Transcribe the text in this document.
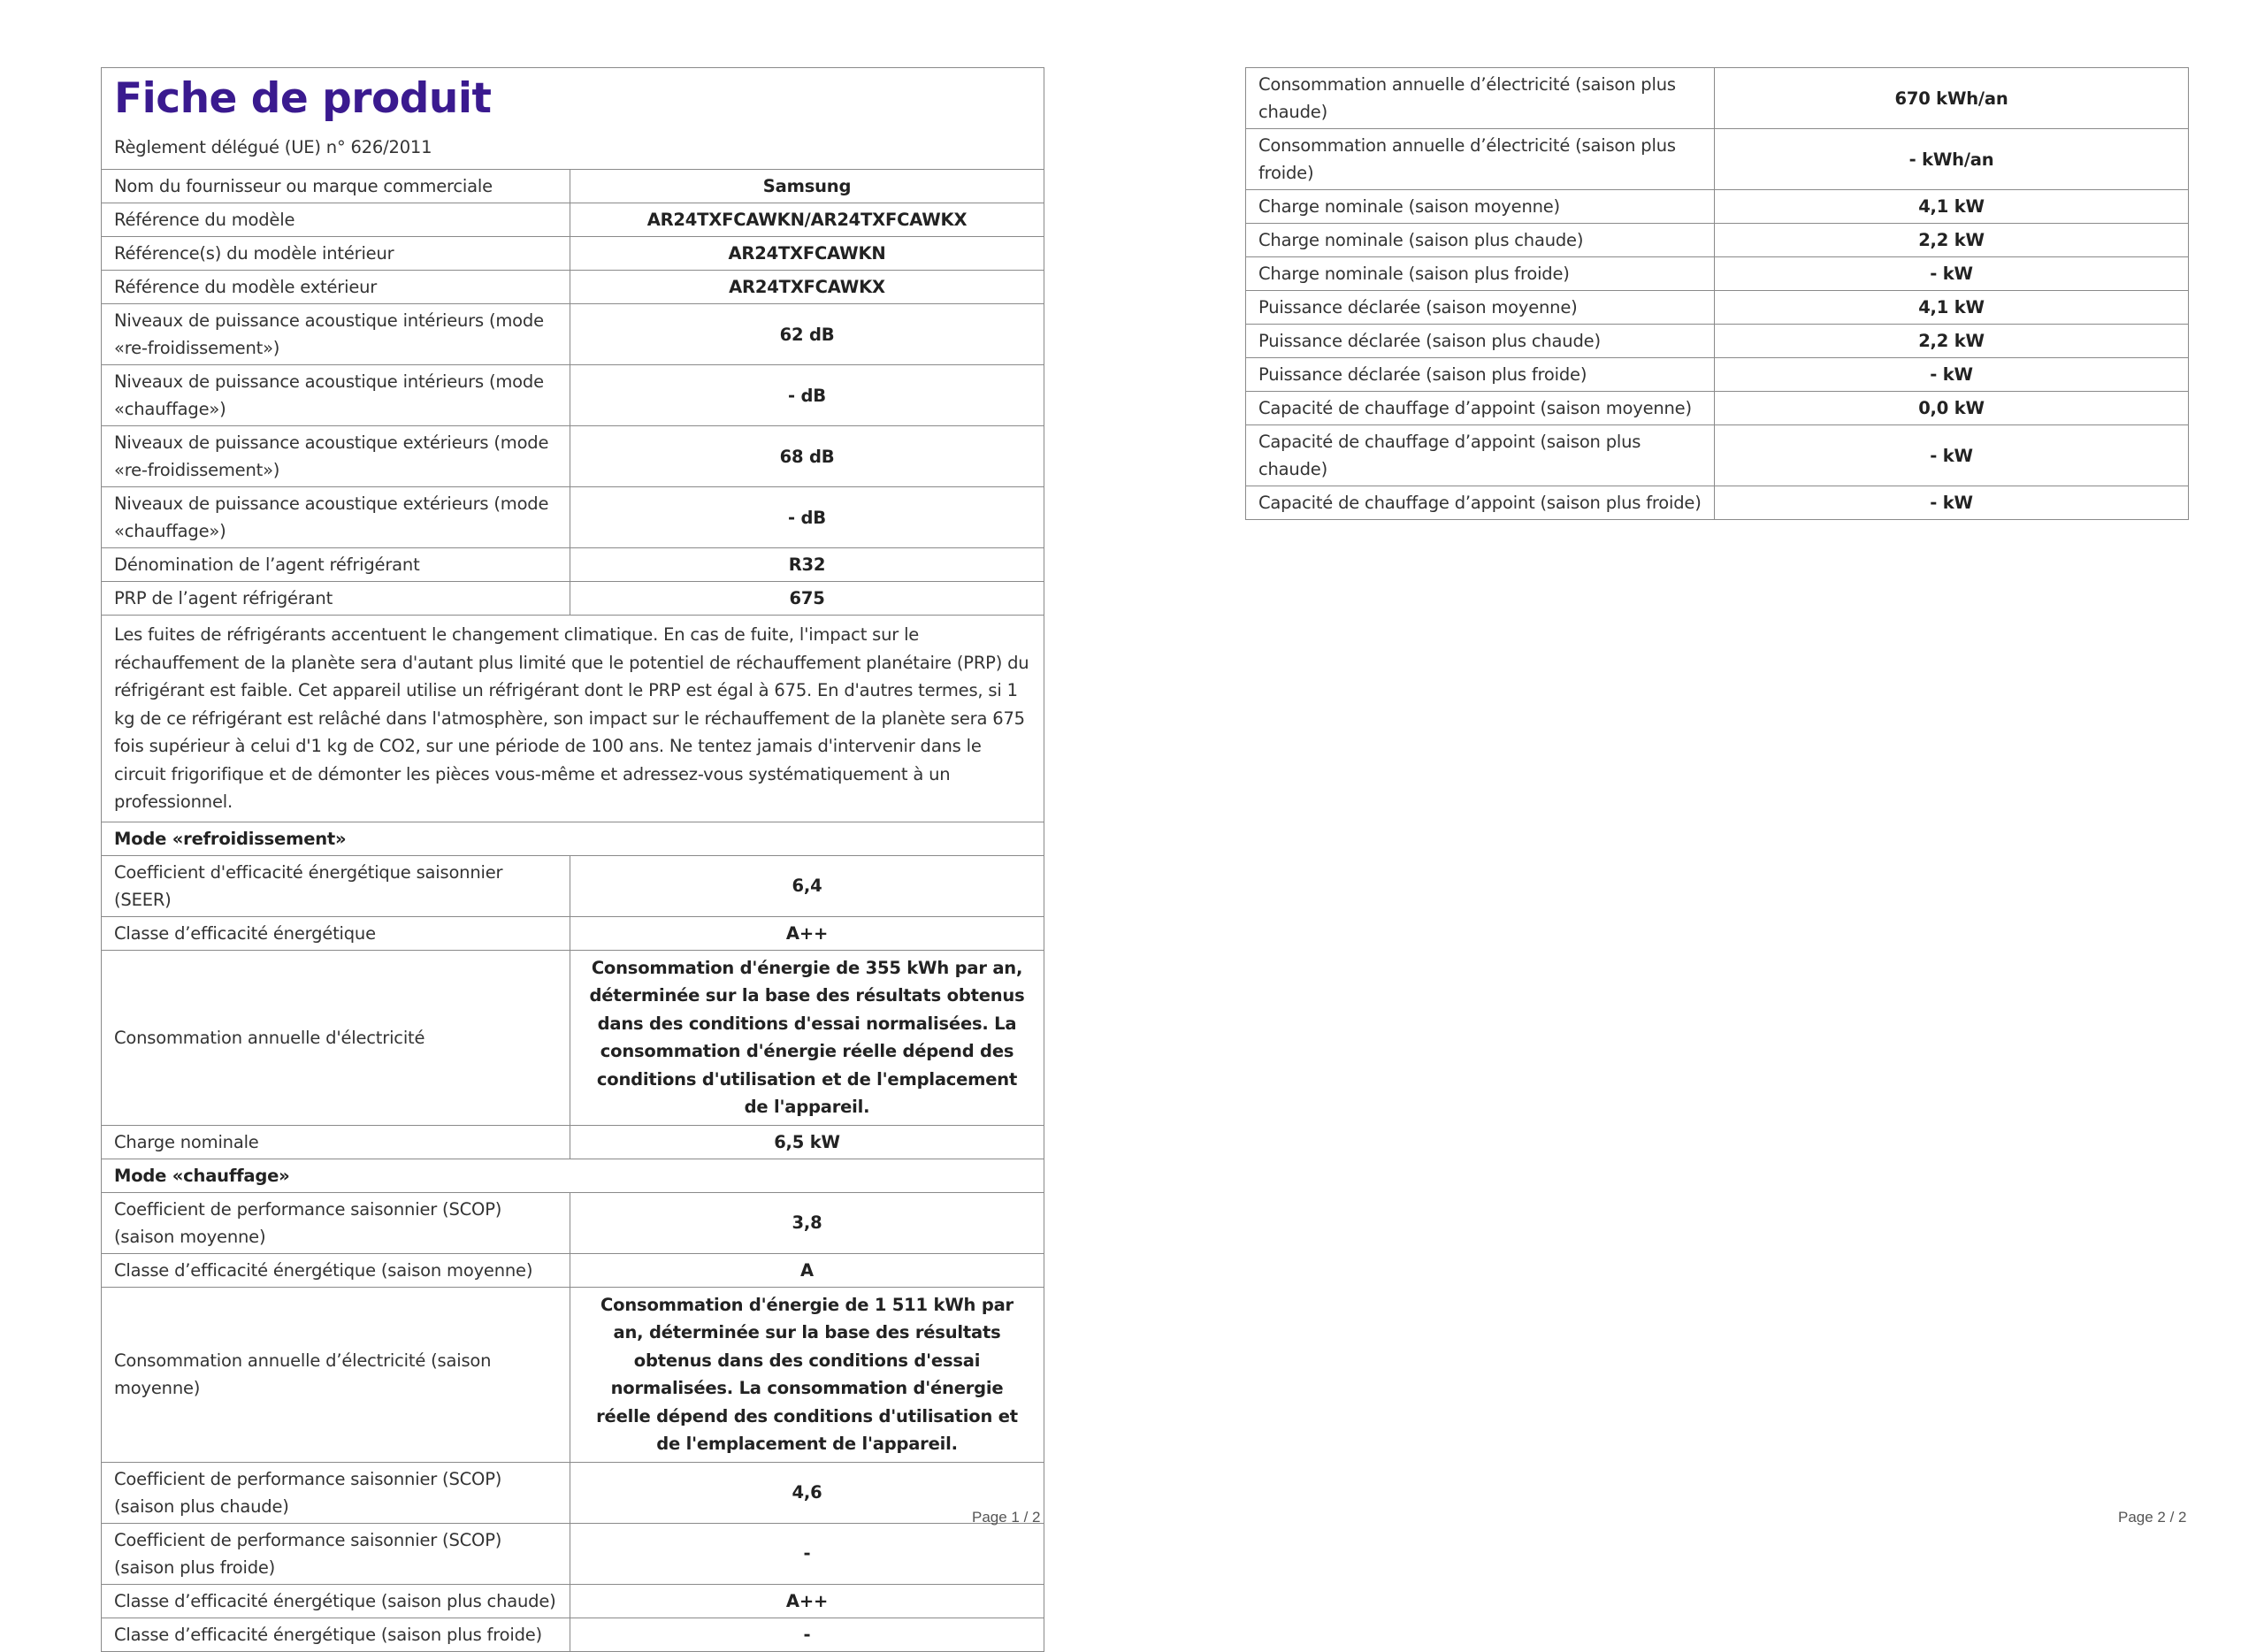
Fiche de produit
Règlement délégué (UE) n° 626/2011	

Nom du fournisseur ou marque commerciale	Samsung
Référence du modèle	AR24TXFCAWKN/AR24TXFCAWKX
Référence(s) du modèle intérieur	AR24TXFCAWKN
Référence du modèle extérieur	AR24TXFCAWKX
Niveaux de puissance acoustique intérieurs (mode «re-froidissement»)	62 dB
Niveaux de puissance acoustique intérieurs (mode «chauffage»)	- dB
Niveaux de puissance acoustique extérieurs (mode «re-froidissement»)	68 dB
Niveaux de puissance acoustique extérieurs (mode «chauffage»)	- dB
Dénomination de l’agent réfrigérant	R32
PRP de l’agent réfrigérant	675
Les fuites de réfrigérants accentuent le changement climatique. En cas de fuite, l'impact sur le réchauffement de la planète sera d'autant plus limité que le potentiel de réchauffement planétaire (PRP) du réfrigérant est faible. Cet appareil utilise un réfrigérant dont le PRP est égal à 675. En d'autres termes, si 1 kg de ce réfrigérant est relâché dans l'atmosphère, son impact sur le réchauffement de la planète sera 675 fois supérieur à celui d'1 kg de CO2, sur une période de 100 ans. Ne tentez jamais d'intervenir dans le circuit frigorifique et de démonter les pièces vous-même et adressez-vous systématiquement à un professionnel.	
Mode «refroidissement»	
Coefficient d'efficacité énergétique saisonnier (SEER)	6,4
Classe d’efficacité énergétique	A++
Consommation annuelle d'électricité	Consommation d'énergie de 355 kWh par an, déterminée sur la base des résultats obtenus dans des conditions d'essai normalisées. La consommation d'énergie réelle dépend des conditions d'utilisation et de l'emplacement de l'appareil.
Charge nominale	6,5 kW
Mode «chauffage»	
Coefficient de performance saisonnier (SCOP) (saison moyenne)	3,8
Classe d’efficacité énergétique (saison moyenne)	A
Consommation annuelle d’électricité (saison moyenne)	Consommation d'énergie de 1 511 kWh par an, déterminée sur la base des résultats obtenus dans des conditions d'essai normalisées. La consommation d'énergie réelle dépend des conditions d'utilisation et de l'emplacement de l'appareil.
Coefficient de performance saisonnier (SCOP) (saison plus chaude)	4,6
Coefficient de performance saisonnier (SCOP) (saison plus froide)	-
Classe d’efficacité énergétique (saison plus chaude)	A++
Classe d’efficacité énergétique (saison plus froide)	-
Page 1 / 2
Consommation annuelle d’électricité (saison plus chaude)	670 kWh/an
Consommation annuelle d’électricité (saison plus froide)	- kWh/an
Charge nominale (saison moyenne)	4,1 kW
Charge nominale (saison plus chaude)	2,2 kW
Charge nominale (saison plus froide)	- kW
Puissance déclarée (saison moyenne)	4,1 kW
Puissance déclarée (saison plus chaude)	2,2 kW
Puissance déclarée (saison plus froide)	- kW
Capacité de chauffage d’appoint (saison moyenne)	0,0 kW
Capacité de chauffage d’appoint (saison plus chaude)	- kW
Capacité de chauffage d’appoint (saison plus froide)	- kW
Page 2 / 2
